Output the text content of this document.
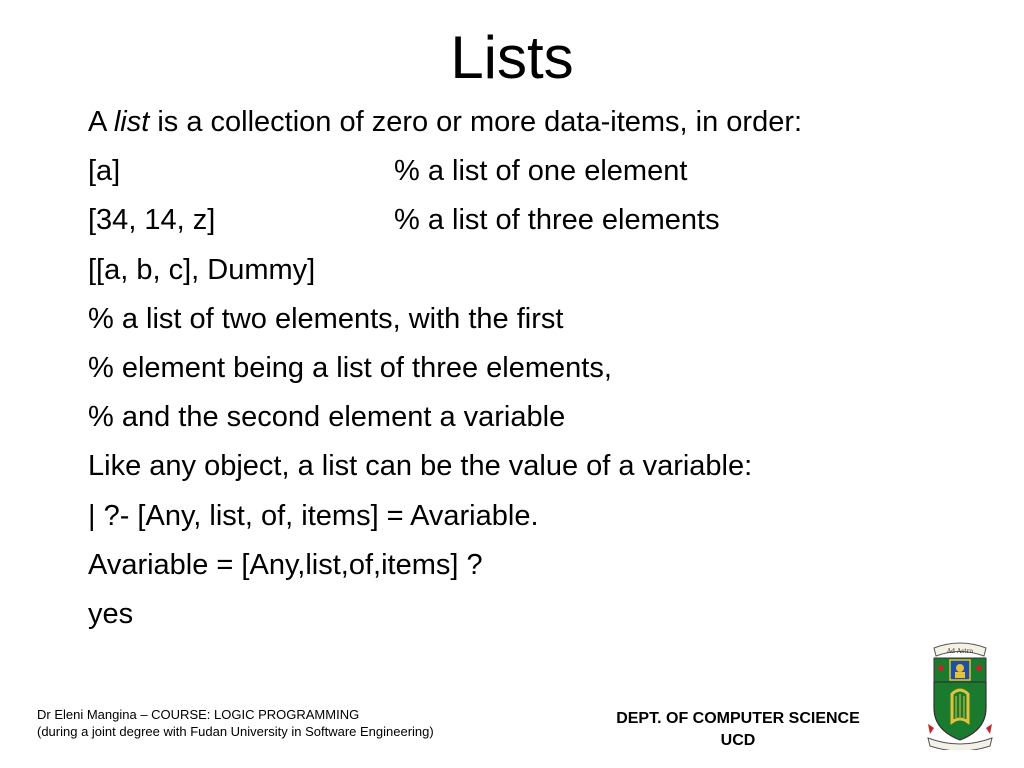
Lists
A list is a collection of zero or more data-items, in order:
[a]	% a list of one element
[34, 14, z]	% a list of three elements
[[a, b, c], Dummy]
% a list of two elements, with the first
% element being a list of three elements,
% and the second element a variable
Like any object, a list can be the value of a variable:
| ?- [Any, list, of, items] = Avariable.
Avariable = [Any,list,of,items] ?
yes
Dr Eleni Mangina – COURSE: LOGIC PROGRAMMING
(during a joint degree with Fudan University in Software Engineering)
DEPT. OF COMPUTER SCIENCE
UCD
Ad Astra
